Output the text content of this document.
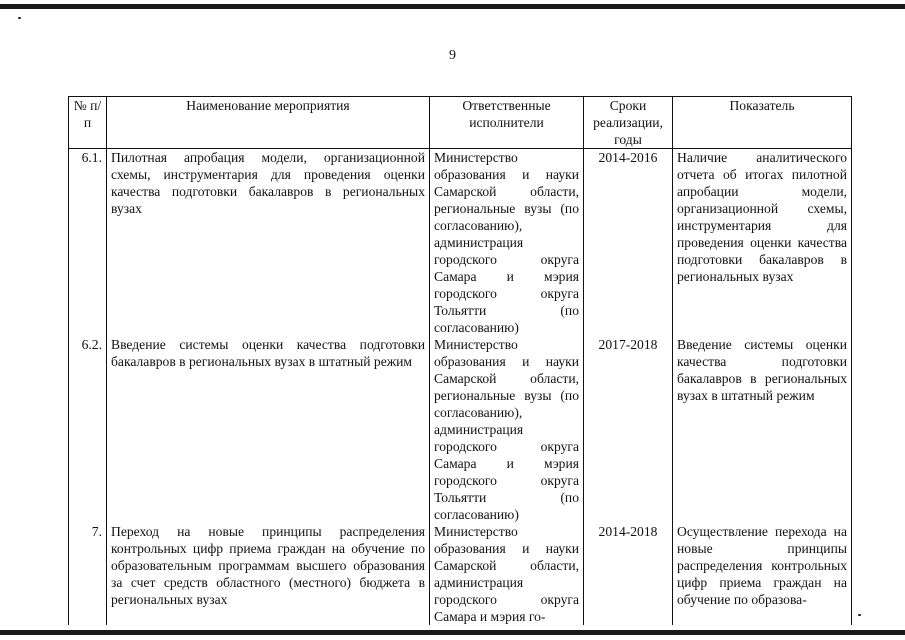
9
№ п/п	Наименование мероприятия	Ответственные исполнители	Сроки реализации, годы	Показатель
6.1.	Пилотная апробация модели, организационной схемы, инструментария для проведения оценки качества подготовки бакалавров в региональных вузах	Министерство образования и науки Самарской области, региональные вузы (по согласованию), администрация городского округа Самара и мэрия городского округа Тольятти (по согласованию)	2014-2016	Наличие аналитического отчета об итогах пилотной апробации модели, организационной схемы, инструментария для проведения оценки качества подготовки бакалавров в региональных вузах
6.2.	Введение системы оценки качества подготовки бакалавров в региональных вузах в штатный режим	Министерство образования и науки Самарской области, региональные вузы (по согласованию), администрация городского округа Самара и мэрия городского округа Тольятти (по согласованию)	2017-2018	Введение системы оценки качества подготовки бакалавров в региональных вузах в штатный режим
7.	Переход на новые принципы распределения контрольных цифр приема граждан на обучение по образовательным программам высшего образования за счет средств областного (местного) бюджета в региональных вузах	Министерство образования и науки Самарской области, администрация городского округа Самара и мэрия го-	2014-2018	Осуществление перехода на новые принципы распределения контрольных цифр приема граждан на обучение по образова-
